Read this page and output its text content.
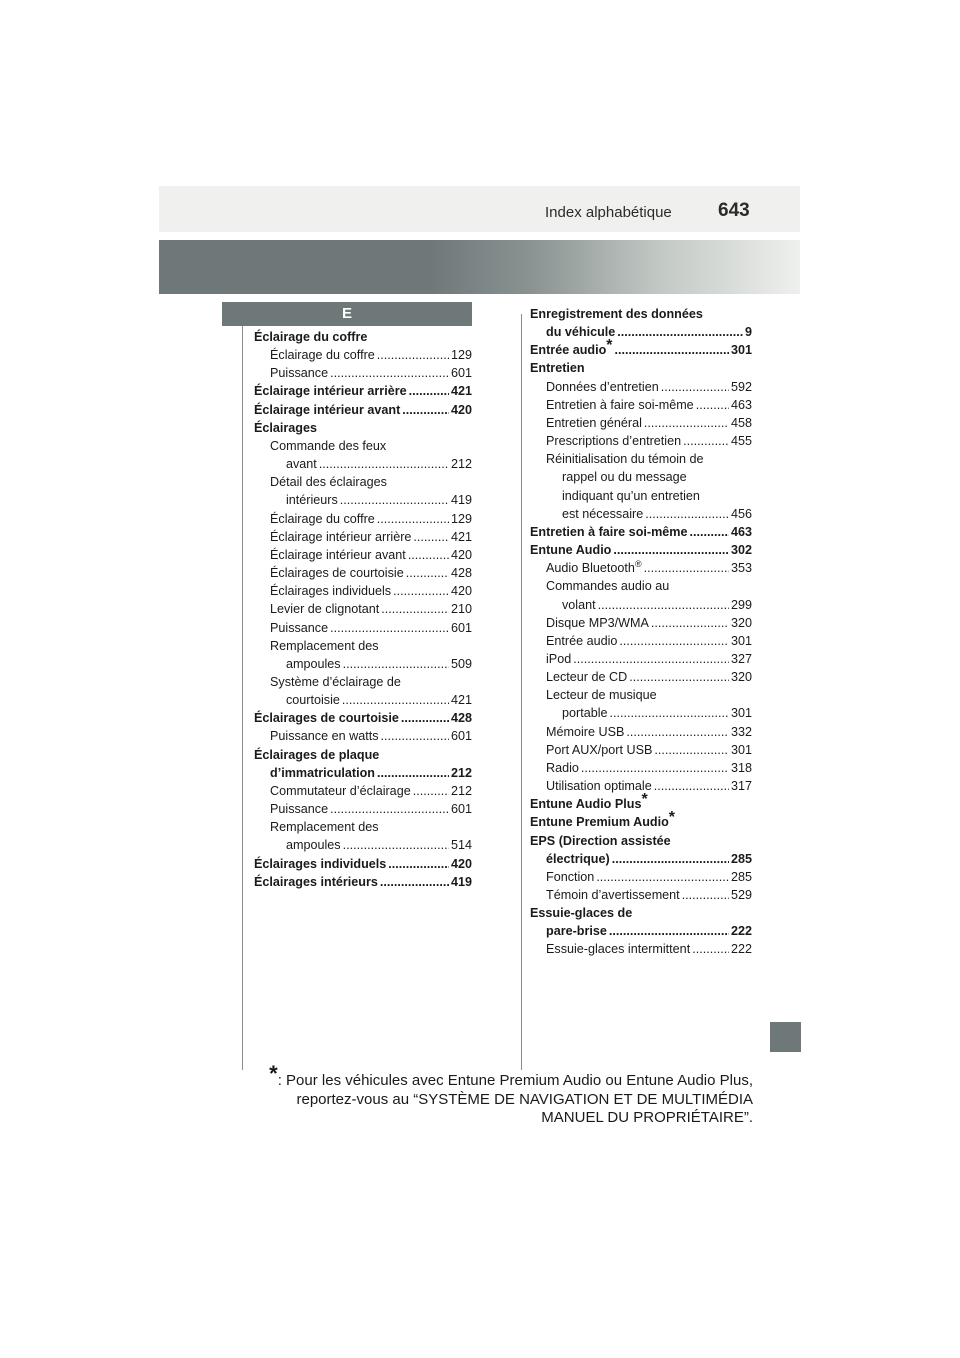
Index alphabétique 643
E
Éclairage du coffre
Éclairage du coffre .....	129
Puissance .....	601
Éclairage intérieur arrière .....	421
Éclairage intérieur avant .....	420
Éclairages
Commande des feux
avant .....	212
Détail des éclairages
intérieurs .....	419
Éclairage du coffre .....	129
Éclairage intérieur arrière .....	421
Éclairage intérieur avant .....	420
Éclairages de courtoisie .....	428
Éclairages individuels .....	420
Levier de clignotant .....	210
Puissance .....	601
Remplacement des
ampoules .....	509
Système d’éclairage de
courtoisie .....	421
Éclairages de courtoisie .....	428
Puissance en watts .....	601
Éclairages de plaque
d’immatriculation .....	212
Commutateur d’éclairage .....	212
Puissance .....	601
Remplacement des
ampoules .....	514
Éclairages individuels .....	420
Éclairages intérieurs .....	419
Enregistrement des données
du véhicule .....	9
Entrée audio* .....	301
Entretien
Données d’entretien .....	592
Entretien à faire soi-même .....	463
Entretien général .....	458
Prescriptions d’entretien .....	455
Réinitialisation du témoin de
rappel ou du message
indiquant qu’un entretien
est nécessaire .....	456
Entretien à faire soi-même .....	463
Entune Audio .....	302
Audio Bluetooth® .....	353
Commandes audio au
volant .....	299
Disque MP3/WMA .....	320
Entrée audio .....	301
iPod .....	327
Lecteur de CD .....	320
Lecteur de musique
portable .....	301
Mémoire USB .....	332
Port AUX/port USB .....	301
Radio .....	318
Utilisation optimale .....	317
Entune Audio Plus*
Entune Premium Audio*
EPS (Direction assistée
électrique) .....	285
Fonction .....	285
Témoin d’avertissement .....	529
Essuie-glaces de
pare-brise .....	222
Essuie-glaces intermittent .....	222
*: Pour les véhicules avec Entune Premium Audio ou Entune Audio Plus,
reportez-vous au “SYSTÈME DE NAVIGATION ET DE MULTIMÉDIA
MANUEL DU PROPRIÉTAIRE”.
